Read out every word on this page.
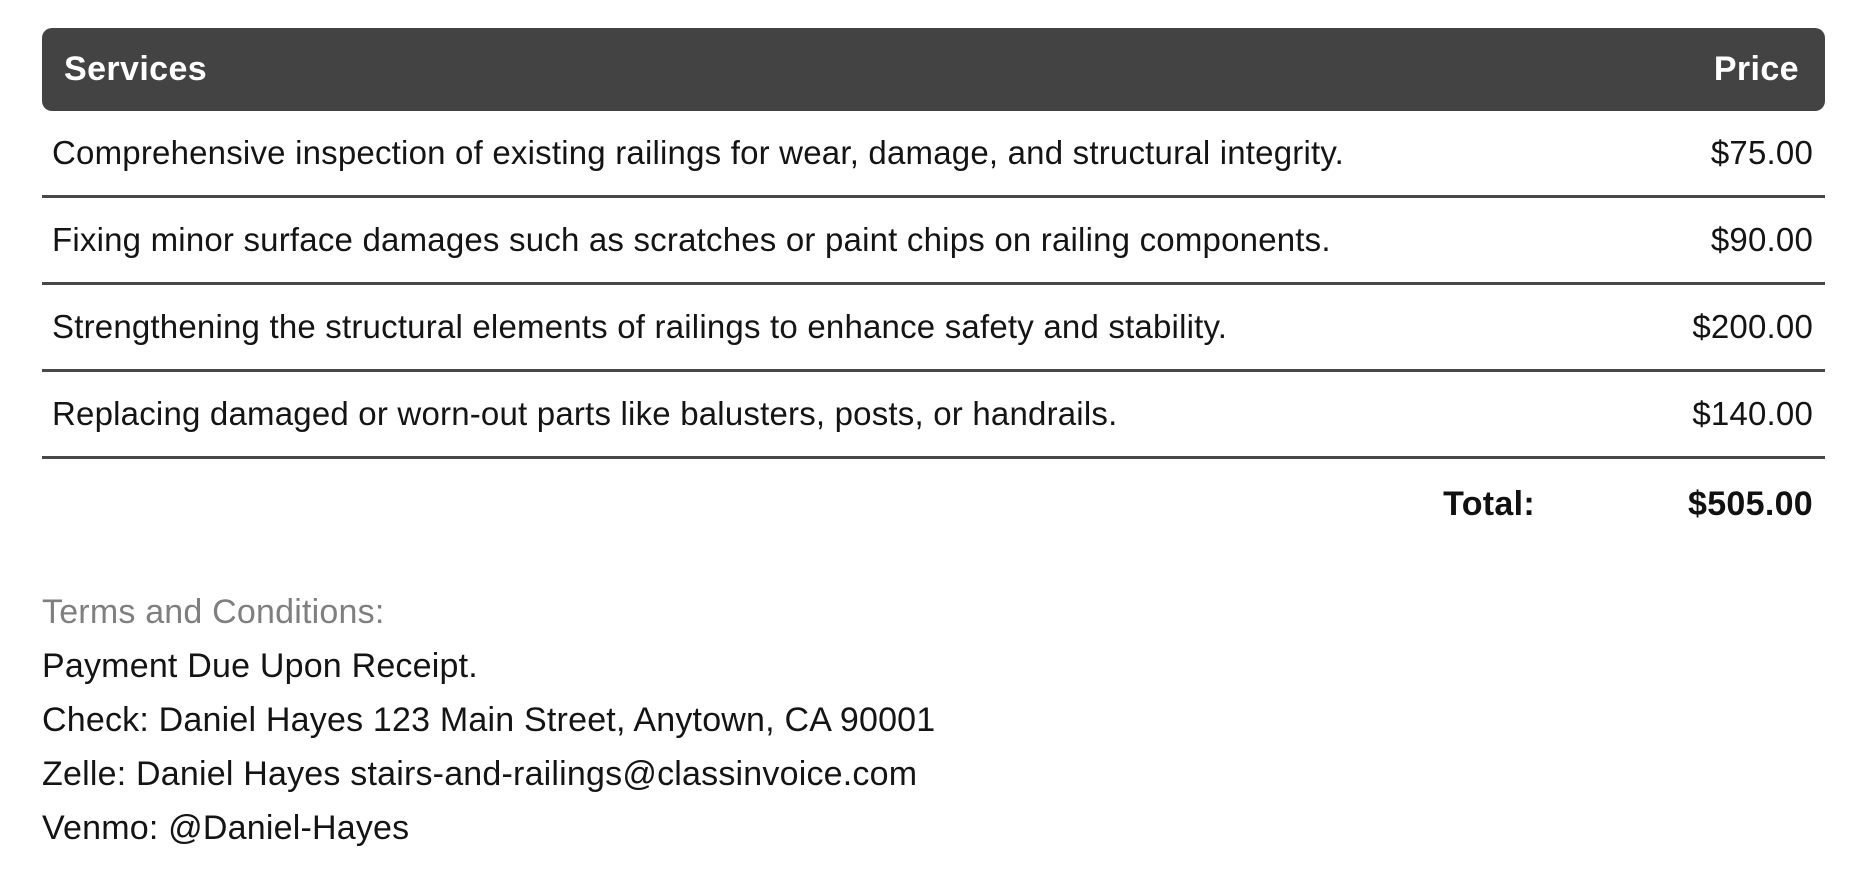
Services	Price
Comprehensive inspection of existing railings for wear, damage, and structural integrity.	$75.00
Fixing minor surface damages such as scratches or paint chips on railing components.	$90.00
Strengthening the structural elements of railings to enhance safety and stability.	$200.00
Replacing damaged or worn-out parts like balusters, posts, or handrails.	$140.00
Total:	$505.00
Terms and Conditions:
Payment Due Upon Receipt.
Check: Daniel Hayes 123 Main Street, Anytown, CA 90001
Zelle: Daniel Hayes stairs-and-railings@classinvoice.com
Venmo: @Daniel-Hayes
